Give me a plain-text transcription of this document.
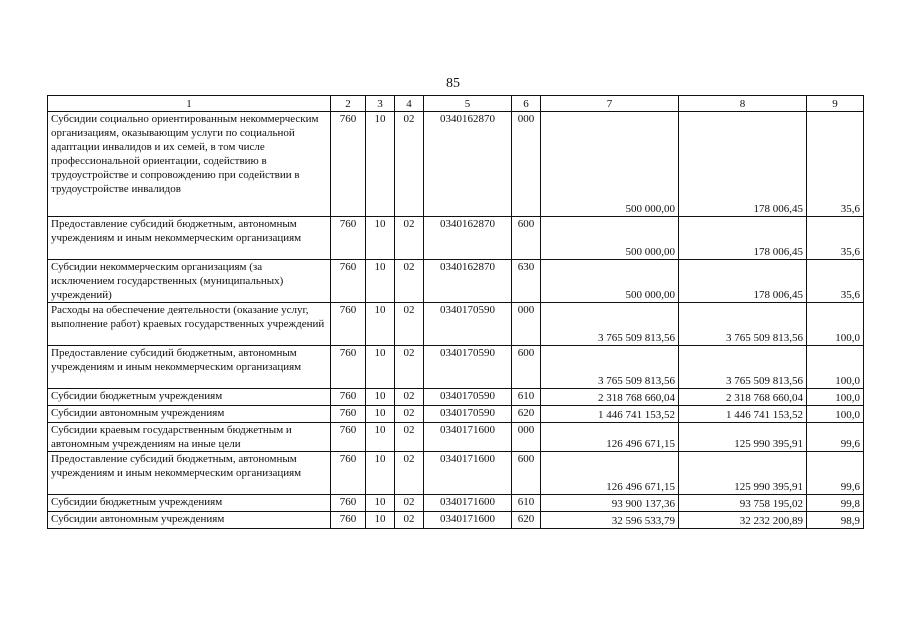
85
1	2	3	4	5	6	7	8	9
Субсидии социально ориентированным некоммерческим организациям, оказывающим услуги по социальной адаптации инвалидов и их семей, в том числе профессиональной ориентации, содействию в трудоустройстве и сопровождению при содействии в трудоустройстве инвалидов	760	10	02	0340162870	000	500 000,00	178 006,45	35,6
Предоставление субсидий бюджетным, автономным учреждениям и иным некоммерческим организациям	760	10	02	0340162870	600	500 000,00	178 006,45	35,6
Субсидии некоммерческим организациям (за исключением государственных (муниципальных) учреждений)	760	10	02	0340162870	630	500 000,00	178 006,45	35,6
Расходы на обеспечение деятельности (оказание услуг, выполнение работ) краевых государственных учреждений	760	10	02	0340170590	000	3 765 509 813,56	3 765 509 813,56	100,0
Предоставление субсидий бюджетным, автономным учреждениям и иным некоммерческим организациям	760	10	02	0340170590	600	3 765 509 813,56	3 765 509 813,56	100,0
Субсидии бюджетным учреждениям	760	10	02	0340170590	610	2 318 768 660,04	2 318 768 660,04	100,0
Субсидии автономным учреждениям	760	10	02	0340170590	620	1 446 741 153,52	1 446 741 153,52	100,0
Субсидии краевым государственным бюджетным и автономным учреждениям на иные цели	760	10	02	0340171600	000	126 496 671,15	125 990 395,91	99,6
Предоставление субсидий бюджетным, автономным учреждениям и иным некоммерческим организациям	760	10	02	0340171600	600	126 496 671,15	125 990 395,91	99,6
Субсидии бюджетным учреждениям	760	10	02	0340171600	610	93 900 137,36	93 758 195,02	99,8
Субсидии автономным учреждениям	760	10	02	0340171600	620	32 596 533,79	32 232 200,89	98,9
